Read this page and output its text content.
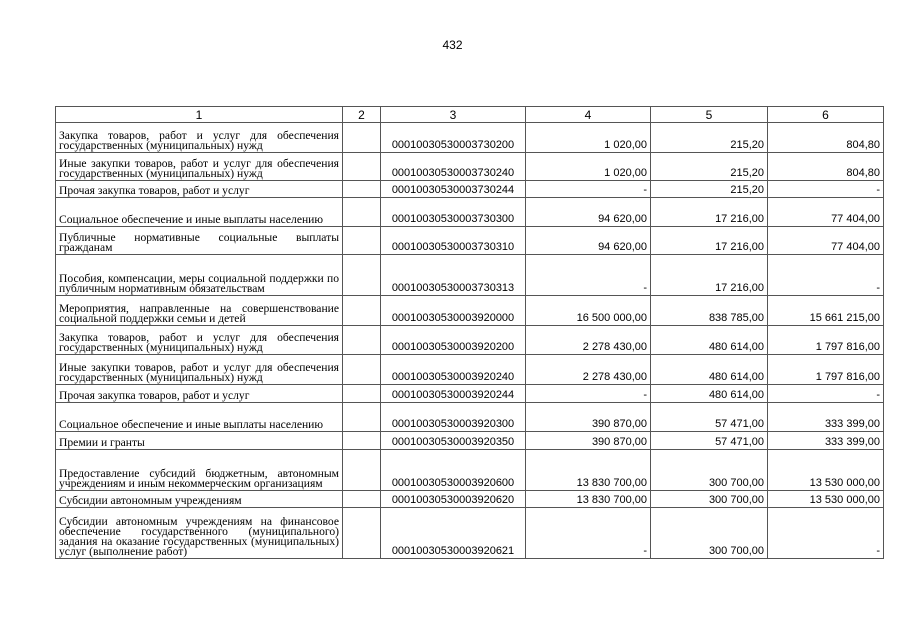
432
1	2	3	4	5	6
Закупка товаров, работ и услуг для обеспечения государственных (муниципальных) нужд		00010030530003730200	1 020,00	215,20	804,80
Иные закупки товаров, работ и услуг для обеспечения государственных (муниципальных) нужд		00010030530003730240	1 020,00	215,20	804,80
Прочая закупка товаров, работ и услуг		00010030530003730244	-	215,20	-
Социальное обеспечение и иные выплаты населению		00010030530003730300	94 620,00	17 216,00	77 404,00
Публичные нормативные социальные выплаты гражданам		00010030530003730310	94 620,00	17 216,00	77 404,00
Пособия, компенсации, меры социальной поддержки по публичным нормативным обязательствам		00010030530003730313	-	17 216,00	-
Мероприятия, направленные на совершенствование социальной поддержки семьи и детей		00010030530003920000	16 500 000,00	838 785,00	15 661 215,00
Закупка товаров, работ и услуг для обеспечения государственных (муниципальных) нужд		00010030530003920200	2 278 430,00	480 614,00	1 797 816,00
Иные закупки товаров, работ и услуг для обеспечения государственных (муниципальных) нужд		00010030530003920240	2 278 430,00	480 614,00	1 797 816,00
Прочая закупка товаров, работ и услуг		00010030530003920244	-	480 614,00	-
Социальное обеспечение и иные выплаты населению		00010030530003920300	390 870,00	57 471,00	333 399,00
Премии и гранты		00010030530003920350	390 870,00	57 471,00	333 399,00
Предоставление субсидий бюджетным, автономным учреждениям и иным некоммерческим организациям		00010030530003920600	13 830 700,00	300 700,00	13 530 000,00
Субсидии автономным учреждениям		00010030530003920620	13 830 700,00	300 700,00	13 530 000,00
Субсидии автономным учреждениям на финансовое обеспечение государственного (муниципального) задания на оказание государственных (муниципальных) услуг (выполнение работ)		00010030530003920621	-	300 700,00	-
